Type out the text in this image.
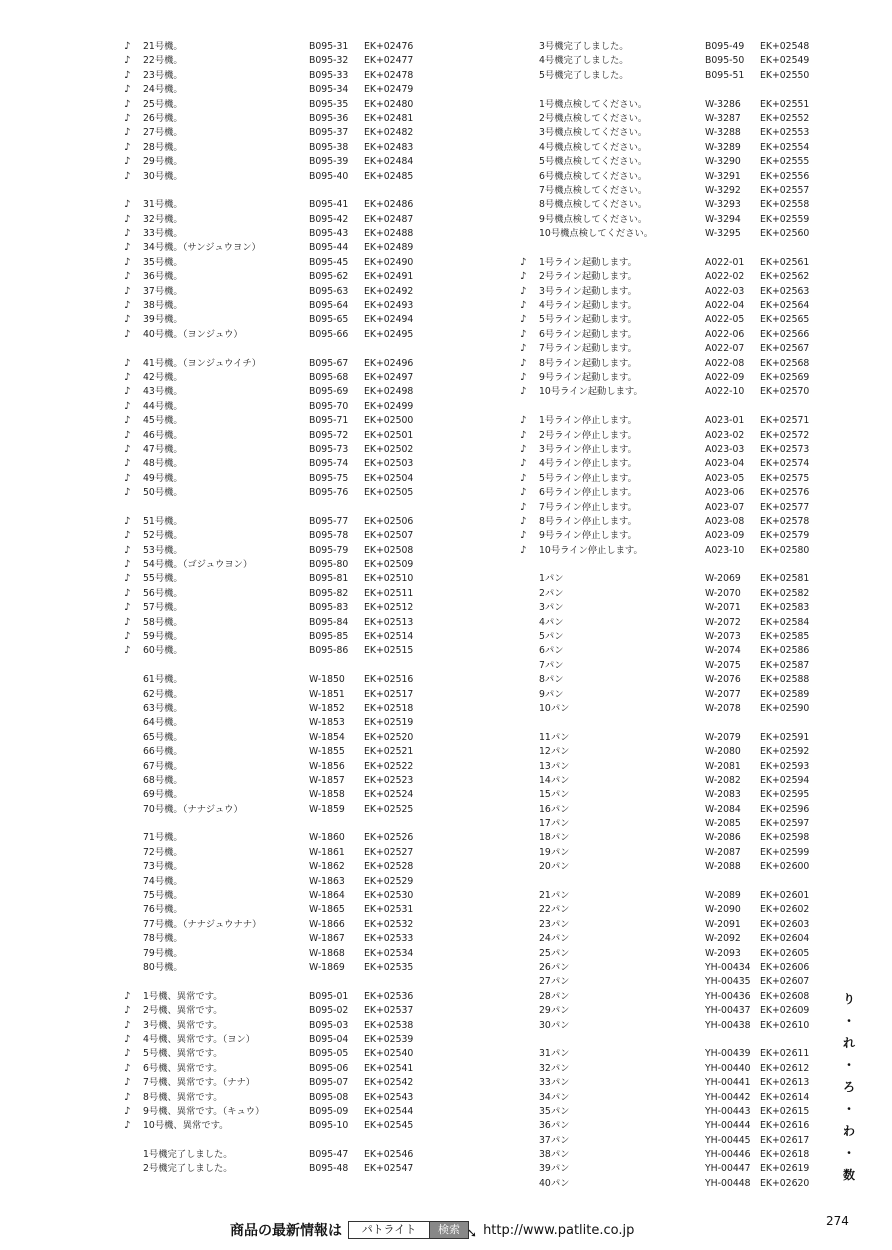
♪	21号機。	B095-31 EK+02476
♪	22号機。	B095-32 EK+02477
♪	23号機。	B095-33 EK+02478
♪	24号機。	B095-34 EK+02479
♪	25号機。	B095-35 EK+02480
♪	26号機。	B095-36 EK+02481
♪	27号機。	B095-37 EK+02482
♪	28号機。	B095-38 EK+02483
♪	29号機。	B095-39 EK+02484
♪	30号機。	B095-40 EK+02485
♪	31号機。	B095-41 EK+02486
♪	32号機。	B095-42 EK+02487
♪	33号機。	B095-43 EK+02488
♪	34号機。（サンジュウヨン）	B095-44 EK+02489
♪	35号機。	B095-45 EK+02490
♪	36号機。	B095-62 EK+02491
♪	37号機。	B095-63 EK+02492
♪	38号機。	B095-64 EK+02493
♪	39号機。	B095-65 EK+02494
♪	40号機。（ヨンジュウ）	B095-66 EK+02495
♪	41号機。（ヨンジュウイチ）	B095-67 EK+02496
♪	42号機。	B095-68 EK+02497
♪	43号機。	B095-69 EK+02498
♪	44号機。	B095-70 EK+02499
♪	45号機。	B095-71 EK+02500
♪	46号機。	B095-72 EK+02501
♪	47号機。	B095-73 EK+02502
♪	48号機。	B095-74 EK+02503
♪	49号機。	B095-75 EK+02504
♪	50号機。	B095-76 EK+02505
♪	51号機。	B095-77 EK+02506
♪	52号機。	B095-78 EK+02507
♪	53号機。	B095-79 EK+02508
♪	54号機。（ゴジュウヨン）	B095-80 EK+02509
♪	55号機。	B095-81 EK+02510
♪	56号機。	B095-82 EK+02511
♪	57号機。	B095-83 EK+02512
♪	58号機。	B095-84 EK+02513
♪	59号機。	B095-85 EK+02514
♪	60号機。	B095-86 EK+02515
61号機。	W-1850 EK+02516
62号機。	W-1851 EK+02517
63号機。	W-1852 EK+02518
64号機。	W-1853 EK+02519
65号機。	W-1854 EK+02520
66号機。	W-1855 EK+02521
67号機。	W-1856 EK+02522
68号機。	W-1857 EK+02523
69号機。	W-1858 EK+02524
70号機。（ナナジュウ）	W-1859 EK+02525
71号機。	W-1860 EK+02526
72号機。	W-1861 EK+02527
73号機。	W-1862 EK+02528
74号機。	W-1863 EK+02529
75号機。	W-1864 EK+02530
76号機。	W-1865 EK+02531
77号機。（ナナジュウナナ）	W-1866 EK+02532
78号機。	W-1867 EK+02533
79号機。	W-1868 EK+02534
80号機。	W-1869 EK+02535
♪	1号機、異常です。	B095-01 EK+02536
♪	2号機、異常です。	B095-02 EK+02537
♪	3号機、異常です。	B095-03 EK+02538
♪	4号機、異常です。（ヨン）	B095-04 EK+02539
♪	5号機、異常です。	B095-05 EK+02540
♪	6号機、異常です。	B095-06 EK+02541
♪	7号機、異常です。（ナナ）	B095-07 EK+02542
♪	8号機、異常です。	B095-08 EK+02543
♪	9号機、異常です。（キュウ）	B095-09 EK+02544
♪	10号機、異常です。	B095-10 EK+02545
1号機完了しました。	B095-47 EK+02546
2号機完了しました。	B095-48 EK+02547
3号機完了しました。	B095-49 EK+02548
4号機完了しました。	B095-50 EK+02549
5号機完了しました。	B095-51 EK+02550
1号機点検してください。	W-3286 EK+02551
2号機点検してください。	W-3287 EK+02552
3号機点検してください。	W-3288 EK+02553
4号機点検してください。	W-3289 EK+02554
5号機点検してください。	W-3290 EK+02555
6号機点検してください。	W-3291 EK+02556
7号機点検してください。	W-3292 EK+02557
8号機点検してください。	W-3293 EK+02558
9号機点検してください。	W-3294 EK+02559
10号機点検してください。	W-3295 EK+02560
♪	1号ライン起動します。	A022-01 EK+02561
♪	2号ライン起動します。	A022-02 EK+02562
♪	3号ライン起動します。	A022-03 EK+02563
♪	4号ライン起動します。	A022-04 EK+02564
♪	5号ライン起動します。	A022-05 EK+02565
♪	6号ライン起動します。	A022-06 EK+02566
♪	7号ライン起動します。	A022-07 EK+02567
♪	8号ライン起動します。	A022-08 EK+02568
♪	9号ライン起動します。	A022-09 EK+02569
♪	10号ライン起動します。	A022-10 EK+02570
♪	1号ライン停止します。	A023-01 EK+02571
♪	2号ライン停止します。	A023-02 EK+02572
♪	3号ライン停止します。	A023-03 EK+02573
♪	4号ライン停止します。	A023-04 EK+02574
♪	5号ライン停止します。	A023-05 EK+02575
♪	6号ライン停止します。	A023-06 EK+02576
♪	7号ライン停止します。	A023-07 EK+02577
♪	8号ライン停止します。	A023-08 EK+02578
♪	9号ライン停止します。	A023-09 EK+02579
♪	10号ライン停止します。	A023-10 EK+02580
1パン	W-2069 EK+02581
2パン	W-2070 EK+02582
3パン	W-2071 EK+02583
4パン	W-2072 EK+02584
5パン	W-2073 EK+02585
6パン	W-2074 EK+02586
7パン	W-2075 EK+02587
8パン	W-2076 EK+02588
9パン	W-2077 EK+02589
10パン	W-2078 EK+02590
11パン	W-2079 EK+02591
12パン	W-2080 EK+02592
13パン	W-2081 EK+02593
14パン	W-2082 EK+02594
15パン	W-2083 EK+02595
16パン	W-2084 EK+02596
17パン	W-2085 EK+02597
18パン	W-2086 EK+02598
19パン	W-2087 EK+02599
20パン	W-2088 EK+02600
21パン	W-2089 EK+02601
22パン	W-2090 EK+02602
23パン	W-2091 EK+02603
24パン	W-2092 EK+02604
25パン	W-2093 EK+02605
26パン	YH-00434 EK+02606
27パン	YH-00435 EK+02607
28パン	YH-00436 EK+02608
29パン	YH-00437 EK+02609
30パン	YH-00438 EK+02610
31パン	YH-00439 EK+02611
32パン	YH-00440 EK+02612
33パン	YH-00441 EK+02613
34パン	YH-00442 EK+02614
35パン	YH-00443 EK+02615
36パン	YH-00444 EK+02616
37パン	YH-00445 EK+02617
38パン	YH-00446 EK+02618
39パン	YH-00447 EK+02619
40パン	YH-00448 EK+02620
り
・
れ
・
ろ
・
わ
・
数
商品の最新情報は	パトライト	検索 ➘ http://www.patlite.co.jp
274
